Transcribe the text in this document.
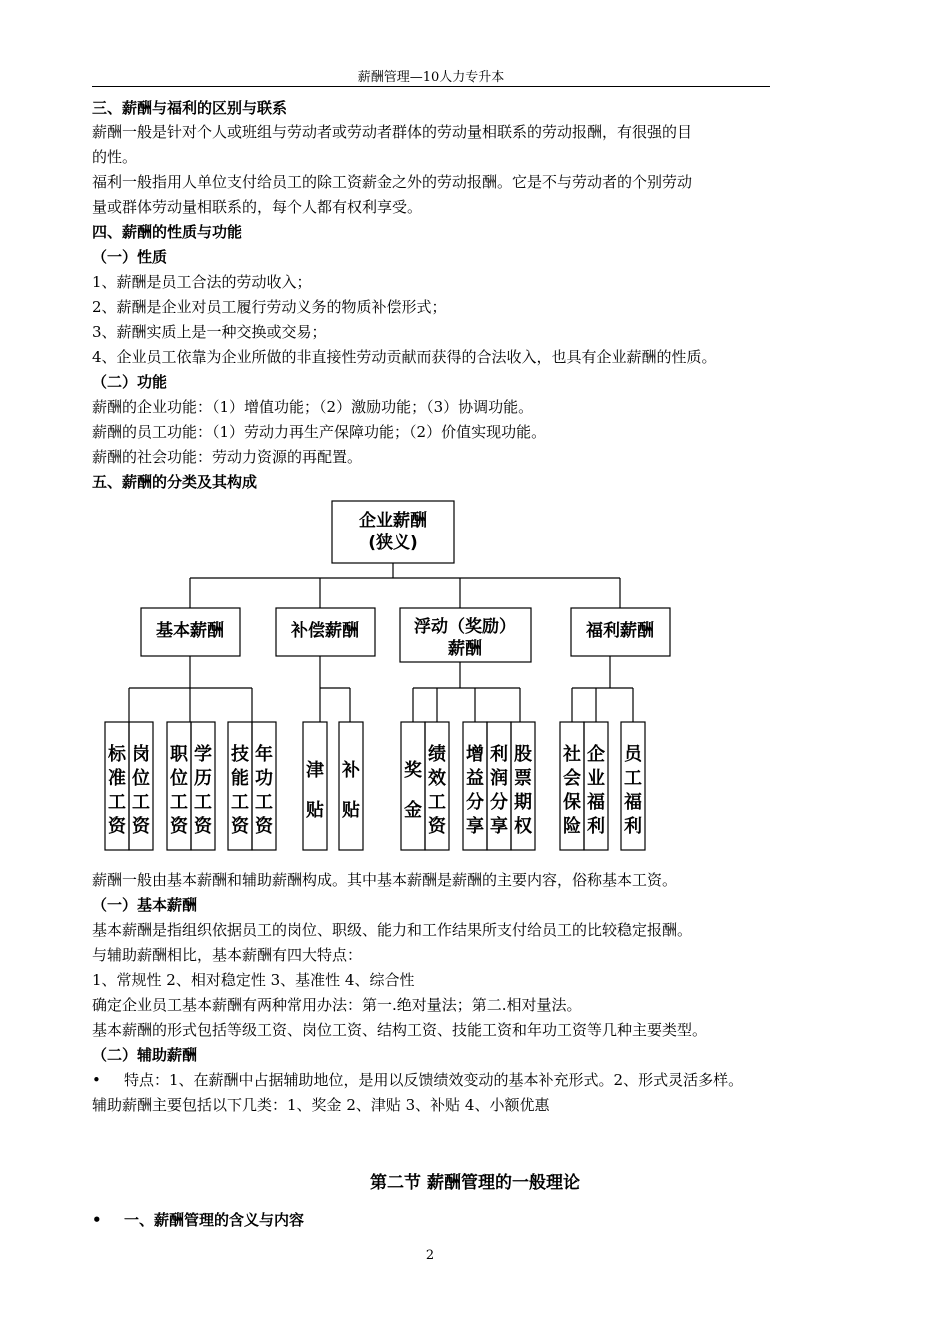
薪酬管理—10人力专升本
三、薪酬与福利的区别与联系
薪酬一般是针对个人或班组与劳动者或劳动者群体的劳动量相联系的劳动报酬，有很强的目
的性。
福利一般指用人单位支付给员工的除工资薪金之外的劳动报酬。它是不与劳动者的个别劳动
量或群体劳动量相联系的，每个人都有权利享受。
四、薪酬的性质与功能
（一）性质
1、薪酬是员工合法的劳动收入；
2、薪酬是企业对员工履行劳动义务的物质补偿形式；
3、薪酬实质上是一种交换或交易；
4、企业员工依靠为企业所做的非直接性劳动贡献而获得的合法收入，也具有企业薪酬的性质。
（二）功能
薪酬的企业功能：（1）增值功能；（2）激励功能；（3）协调功能。
薪酬的员工功能：（1）劳动力再生产保障功能；（2）价值实现功能。
薪酬的社会功能：劳动力资源的再配置。
五、薪酬的分类及其构成
企业薪酬
(狭义)
基本薪酬	补偿薪酬	浮动（奖励）
薪酬
福利薪酬
标
准
工
资
岗
位
工
资
职
位
工
资
学
历
工
资
技
能
工
资
年
功
工
资
津
贴
补
贴
奖
金
绩
效
工
资
增
益
分
享
利
润
分
享
股
票
期
权
社
会
保
险
企
业
福
利
员
工
福
利
薪酬一般由基本薪酬和辅助薪酬构成。其中基本薪酬是薪酬的主要内容，俗称基本工资。
（一）基本薪酬
基本薪酬是指组织依据员工的岗位、职级、能力和工作结果所支付给员工的比较稳定报酬。
与辅助薪酬相比，基本薪酬有四大特点：
1、常规性 2、相对稳定性 3、基准性 4、综合性
确定企业员工基本薪酬有两种常用办法：第一.绝对量法；第二.相对量法。
基本薪酬的形式包括等级工资、岗位工资、结构工资、技能工资和年功工资等几种主要类型。
（二）辅助薪酬
• 特点：1、在薪酬中占据辅助地位，是用以反馈绩效变动的基本补充形式。2、形式灵活多样。
辅助薪酬主要包括以下几类：1、奖金 2、津贴 3、补贴 4、小额优惠
第二节 薪酬管理的一般理论
• 一、薪酬管理的含义与内容
2
